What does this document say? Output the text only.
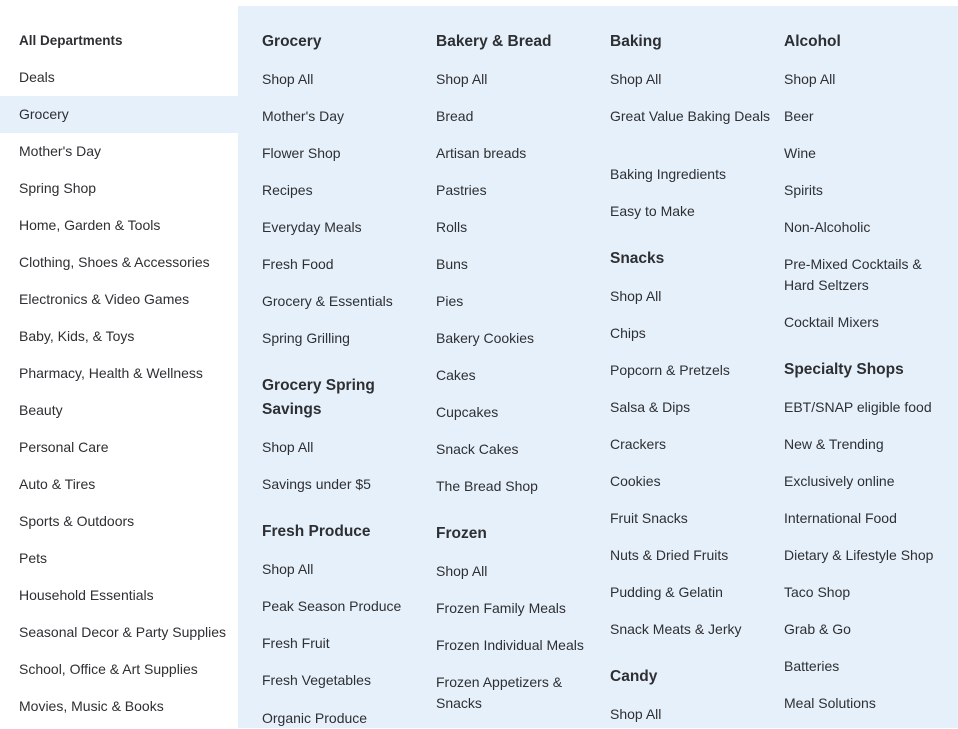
All Departments
Deals
Grocery
Mother's Day
Spring Shop
Home, Garden & Tools
Clothing, Shoes & Accessories
Electronics & Video Games
Baby, Kids, & Toys
Pharmacy, Health & Wellness
Beauty
Personal Care
Auto & Tires
Sports & Outdoors
Pets
Household Essentials
Seasonal Decor & Party Supplies
School, Office & Art Supplies
Movies, Music & Books
Grocery
Shop All
Mother's Day
Flower Shop
Recipes
Everyday Meals
Fresh Food
Grocery & Essentials
Spring Grilling
Grocery Spring Savings
Shop All
Savings under $5
Fresh Produce
Shop All
Peak Season Produce
Fresh Fruit
Fresh Vegetables
Organic Produce
Bakery & Bread
Shop All
Bread
Artisan breads
Pastries
Rolls
Buns
Pies
Bakery Cookies
Cakes
Cupcakes
Snack Cakes
The Bread Shop
Frozen
Shop All
Frozen Family Meals
Frozen Individual Meals
Frozen Appetizers & Snacks
Baking
Shop All
Great Value Baking Deals
Baking Ingredients
Easy to Make
Snacks
Shop All
Chips
Popcorn & Pretzels
Salsa & Dips
Crackers
Cookies
Fruit Snacks
Nuts & Dried Fruits
Pudding & Gelatin
Snack Meats & Jerky
Candy
Shop All
Alcohol
Shop All
Beer
Wine
Spirits
Non-Alcoholic
Pre-Mixed Cocktails & Hard Seltzers
Cocktail Mixers
Specialty Shops
EBT/SNAP eligible food
New & Trending
Exclusively online
International Food
Dietary & Lifestyle Shop
Taco Shop
Grab & Go
Batteries
Meal Solutions
